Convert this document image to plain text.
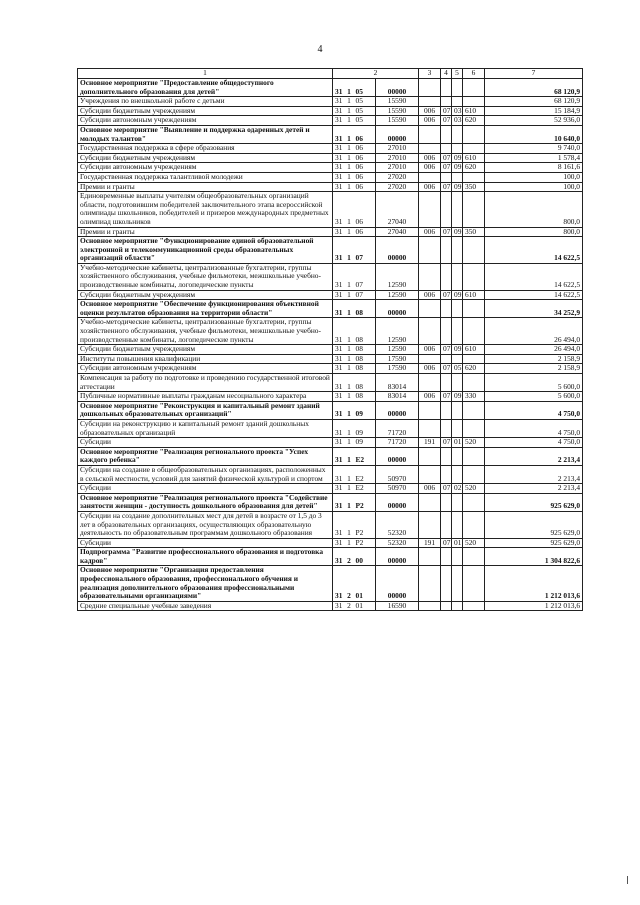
4
1	2				3	4	5	6	7
Основное мероприятие "Предоставление общедоступного дополнительного образования для детей"	31	1	05	00000					68 120,9
Учреждения по внешкольной работе с детьми	31	1	05	15590					68 120,9
Субсидии бюджетным учреждениям	31	1	05	15590	006	07	03	610	15 184,9
Субсидии автономным учреждениям	31	1	05	15590	006	07	03	620	52 936,0
Основное мероприятие "Выявление и поддержка одаренных детей и молодых талантов"	31	1	06	00000					10 640,0
Государственная поддержка в сфере образования	31	1	06	27010					9 740,0
Субсидии бюджетным учреждениям	31	1	06	27010	006	07	09	610	1 578,4
Субсидии автономным учреждениям	31	1	06	27010	006	07	09	620	8 161,6
Государственная поддержка талантливой молодежи	31	1	06	27020					100,0
Премии и гранты	31	1	06	27020	006	07	09	350	100,0
Единовременные выплаты учителям общеобразовательных организаций области, подготовившим победителей заключительного этапа всероссийской олимпиады школьников, победителей и призеров международных предметных олимпиад школьников	31	1	06	27040					800,0
Премии и гранты	31	1	06	27040	006	07	09	350	800,0
Основное мероприятие "Функционирование единой образовательной электронной и телекоммуникационной среды образовательных организаций области"	31	1	07	00000					14 622,5
Учебно-методические кабинеты, централизованные бухгалтерии, группы хозяйственного обслуживания, учебные фильмотеки, межшкольные учебно-производственные комбинаты, логопедические пункты	31	1	07	12590					14 622,5
Субсидии бюджетным учреждениям	31	1	07	12590	006	07	09	610	14 622,5
Основное мероприятие "Обеспечение функционирования объективной оценки результатов образования на территории области"	31	1	08	00000					34 252,9
Учебно-методические кабинеты, централизованные бухгалтерии, группы хозяйственного обслуживания, учебные фильмотеки, межшкольные учебно-производственные комбинаты, логопедические пункты	31	1	08	12590					26 494,0
Субсидии бюджетным учреждениям	31	1	08	12590	006	07	09	610	26 494,0
Институты повышения квалификации	31	1	08	17590					2 158,9
Субсидии автономным учреждениям	31	1	08	17590	006	07	05	620	2 158,9
Компенсация за работу по подготовке и проведению государственной итоговой аттестации	31	1	08	83014					5 600,0
Публичные нормативные выплаты гражданам несоциального характера	31	1	08	83014	006	07	09	330	5 600,0
Основное мероприятие "Реконструкция и капитальный ремонт зданий дошкольных образовательных организаций"	31	1	09	00000					4 750,0
Субсидии на реконструкцию и капитальный ремонт зданий дошкольных образовательных организаций	31	1	09	71720					4 750,0
Субсидии	31	1	09	71720	191	07	01	520	4 750,0
Основное мероприятие "Реализация регионального проекта "Успех каждого ребенка"	31	1	E2	00000					2 213,4
Субсидии на создание в общеобразовательных организациях, расположенных в сельской местности, условий для занятий физической культурой и спортом	31	1	E2	50970					2 213,4
Субсидии	31	1	E2	50970	006	07	02	520	2 213,4
Основное мероприятие "Реализация регионального проекта "Содействие занятости женщин - доступность дошкольного образования для детей"	31	1	P2	00000					925 629,0
Субсидии на создание дополнительных мест для детей в возрасте от 1,5 до 3 лет в образовательных организациях, осуществляющих образовательную деятельность по образовательным программам дошкольного образования	31	1	P2	52320					925 629,0
Субсидии	31	1	P2	52320	191	07	01	520	925 629,0
Подпрограмма "Развитие профессионального образования и подготовка кадров"	31	2	00	00000					1 304 822,6
Основное мероприятие "Организация предоставления профессионального образования, профессионального обучения и реализация дополнительного образования профессиональными образовательными организациями"	31	2	01	00000					1 212 013,6
Средние специальные учебные заведения	31	2	01	16590					1 212 013,6
